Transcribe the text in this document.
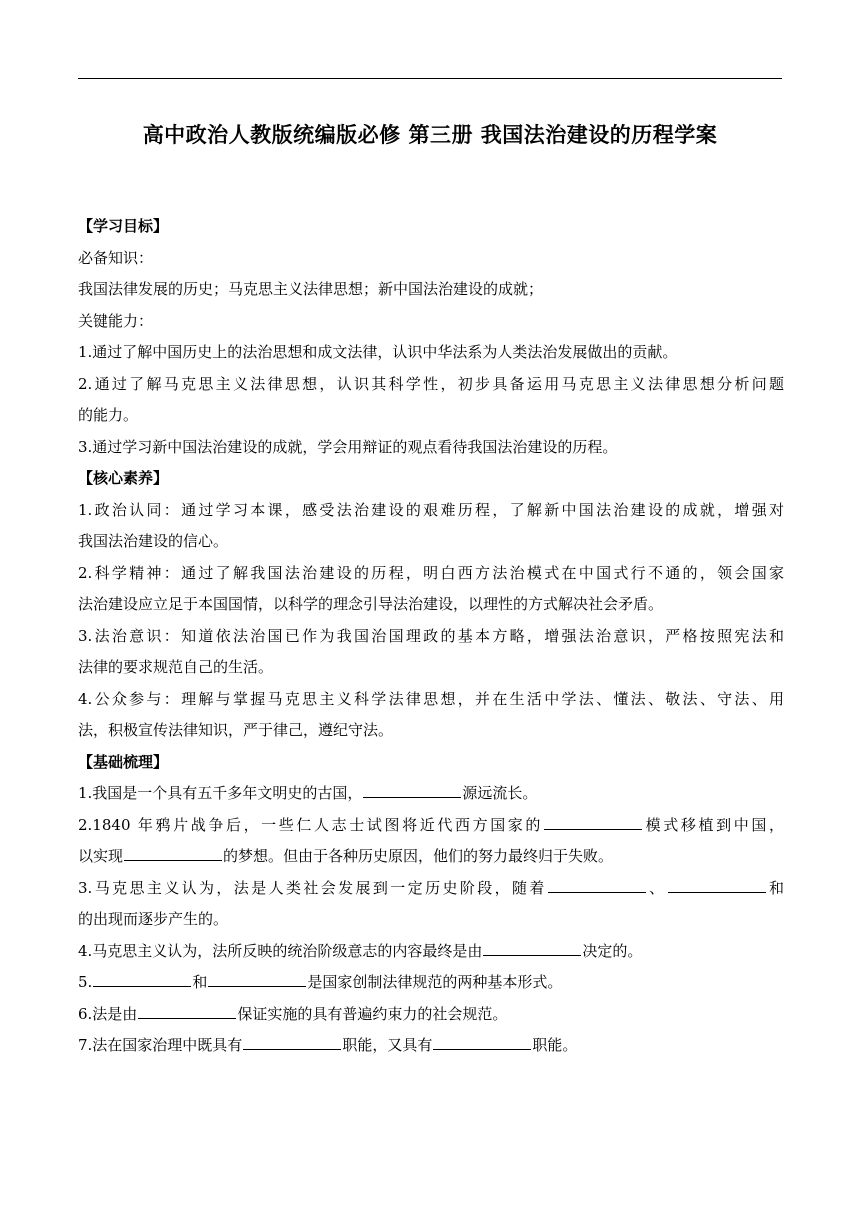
高中政治人教版统编版必修 第三册 我国法治建设的历程学案
【学习目标】
必备知识：
我国法律发展的历史；马克思主义法律思想；新中国法治建设的成就；
关键能力：
1.通过了解中国历史上的法治思想和成文法律，认识中华法系为人类法治发展做出的贡献。
2.通过了解马克思主义法律思想，认识其科学性，初步具备运用马克思主义法律思想分析问题
的能力。
3.通过学习新中国法治建设的成就，学会用辩证的观点看待我国法治建设的历程。
【核心素养】
1.政治认同：通过学习本课，感受法治建设的艰难历程，了解新中国法治建设的成就，增强对
我国法治建设的信心。
2.科学精神：通过了解我国法治建设的历程，明白西方法治模式在中国式行不通的，领会国家
法治建设应立足于本国国情，以科学的理念引导法治建设，以理性的方式解决社会矛盾。
3.法治意识：知道依法治国已作为我国治国理政的基本方略，增强法治意识，严格按照宪法和
法律的要求规范自己的生活。
4.公众参与：理解与掌握马克思主义科学法律思想，并在生活中学法、懂法、敬法、守法、用
法，积极宣传法律知识，严于律己，遵纪守法。
【基础梳理】
1.我国是一个具有五千多年文明史的古国，	源远流长。
2.1840 年鸦片战争后，一些仁人志士试图将近代西方国家的	模式移植到中国，
以实现	的梦想。但由于各种历史原因，他们的努力最终归于失败。
3.马克思主义认为，法是人类社会发展到一定历史阶段，随着	、	和
的出现而逐步产生的。
4.马克思主义认为，法所反映的统治阶级意志的内容最终是由	决定的。
5.	和	是国家创制法律规范的两种基本形式。
6.法是由	保证实施的具有普遍约束力的社会规范。
7.法在国家治理中既具有	职能，又具有	职能。
